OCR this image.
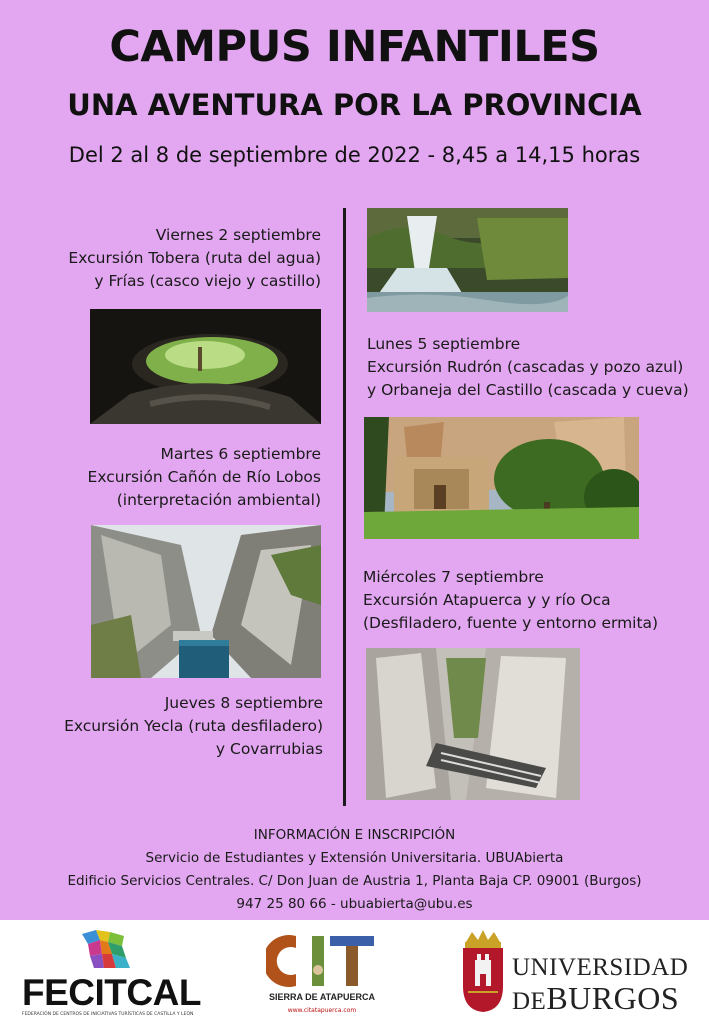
CAMPUS INFANTILES
UNA AVENTURA POR LA PROVINCIA
Del 2 al 8 de septiembre de 2022 - 8,45 a 14,15 horas
Viernes 2 septiembre
Excursión Tobera (ruta del agua)
y Frías (casco viejo y castillo)
Lunes 5 septiembre
Excursión Rudrón (cascadas y pozo azul)
y Orbaneja del Castillo (cascada y cueva)
Martes 6 septiembre
Excursión Cañón de Río Lobos
(interpretación ambiental)
Miércoles 7 septiembre
Excursión Atapuerca y y río Oca
(Desfiladero, fuente y entorno ermita)
Jueves 8 septiembre
Excursión Yecla (ruta desfiladero)
y Covarrubias
INFORMACIÓN E INSCRIPCIÓN
Servicio de Estudiantes y Extensión Universitaria. UBUAbierta
Edificio Servicios Centrales. C/ Don Juan de Austria 1, Planta Baja CP. 09001 (Burgos)
947 25 80 66 - ubuabierta@ubu.es
FECITCAL
FEDERACIÓN DE CENTROS DE INICIATIVAS TURÍSTICAS DE CASTILLA Y LEÓN
SIERRA DE ATAPUERCA
www.citatapuerca.com
UNIVERSIDAD
DEBURGOS
